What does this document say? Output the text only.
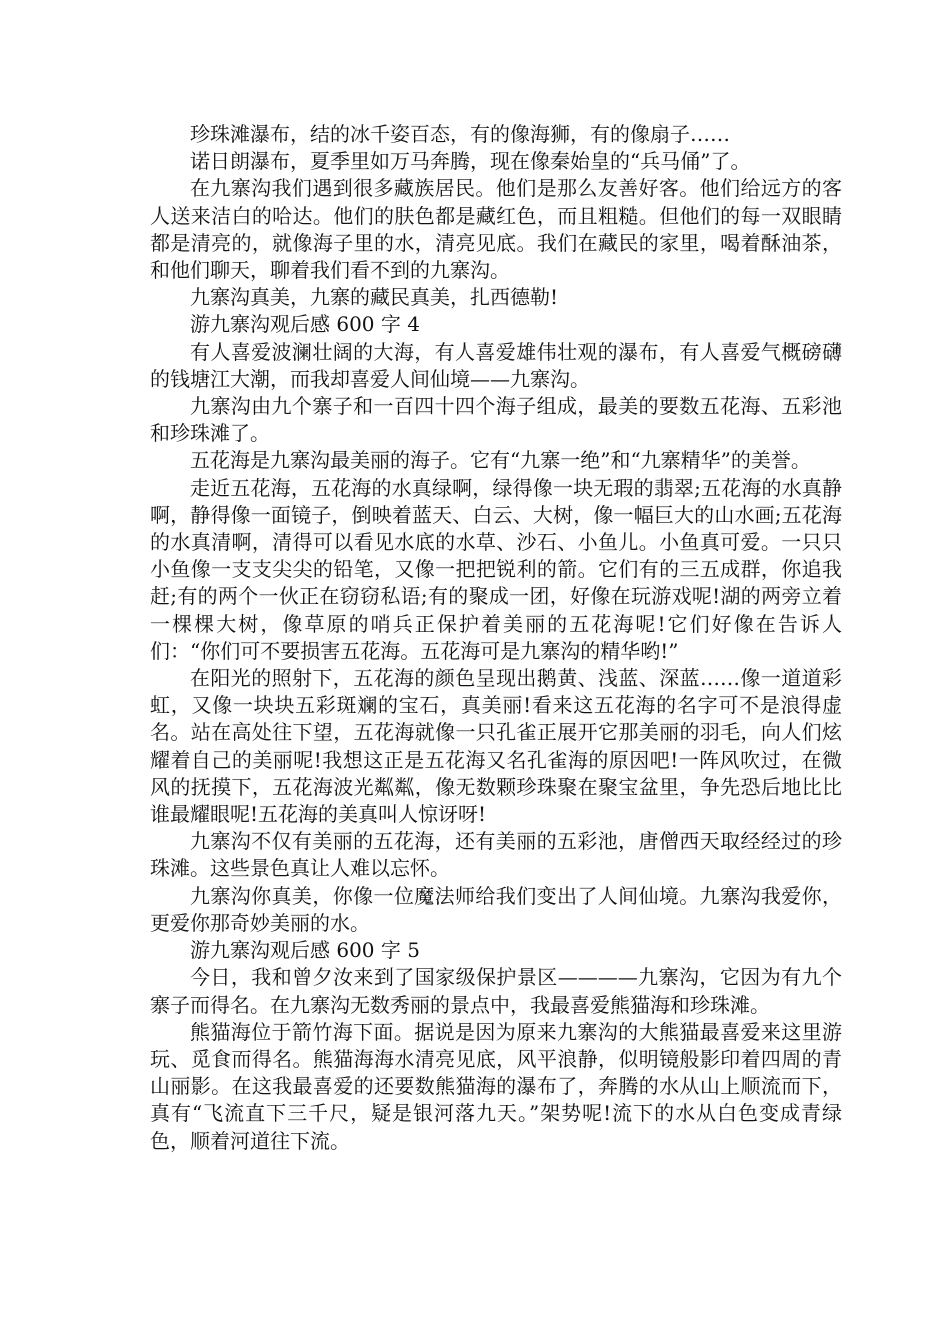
珍珠滩瀑布，结的冰千姿百态，有的像海狮，有的像扇子……

诺日朗瀑布，夏季里如万马奔腾，现在像秦始皇的“兵马俑”了。

在九寨沟我们遇到很多藏族居民。他们是那么友善好客。他们给远方的客人送来洁白的哈达。他们的肤色都是藏红色，而且粗糙。但他们的每一双眼睛都是清亮的，就像海子里的水，清亮见底。我们在藏民的家里，喝着酥油茶，和他们聊天，聊着我们看不到的九寨沟。

九寨沟真美，九寨的藏民真美，扎西德勒!

游九寨沟观后感 600 字 4

有人喜爱波澜壮阔的大海，有人喜爱雄伟壮观的瀑布，有人喜爱气概磅礴的钱塘江大潮，而我却喜爱人间仙境——九寨沟。

九寨沟由九个寨子和一百四十四个海子组成，最美的要数五花海、五彩池和珍珠滩了。

五花海是九寨沟最美丽的海子。它有“九寨一绝”和“九寨精华”的美誉。

走近五花海，五花海的水真绿啊，绿得像一块无瑕的翡翠;五花海的水真静啊，静得像一面镜子，倒映着蓝天、白云、大树，像一幅巨大的山水画;五花海的水真清啊，清得可以看见水底的水草、沙石、小鱼儿。小鱼真可爱。一只只小鱼像一支支尖尖的铅笔，又像一把把锐利的箭。它们有的三五成群，你追我赶;有的两个一伙正在窃窃私语;有的聚成一团，好像在玩游戏呢!湖的两旁立着一棵棵大树，像草原的哨兵正保护着美丽的五花海呢!它们好像在告诉人们：“你们可不要损害五花海。五花海可是九寨沟的精华哟!”

在阳光的照射下，五花海的颜色呈现出鹅黄、浅蓝、深蓝……像一道道彩虹，又像一块块五彩斑斓的宝石，真美丽!看来这五花海的名字可不是浪得虚名。站在高处往下望，五花海就像一只孔雀正展开它那美丽的羽毛，向人们炫耀着自己的美丽呢!我想这正是五花海又名孔雀海的原因吧!一阵风吹过，在微风的抚摸下，五花海波光粼粼，像无数颗珍珠聚在聚宝盆里，争先恐后地比比谁最耀眼呢!五花海的美真叫人惊讶呀!

九寨沟不仅有美丽的五花海，还有美丽的五彩池，唐僧西天取经经过的珍珠滩。这些景色真让人难以忘怀。

九寨沟你真美，你像一位魔法师给我们变出了人间仙境。九寨沟我爱你，更爱你那奇妙美丽的水。

游九寨沟观后感 600 字 5

今日，我和曾夕汝来到了国家级保护景区————九寨沟，它因为有九个寨子而得名。在九寨沟无数秀丽的景点中，我最喜爱熊猫海和珍珠滩。

熊猫海位于箭竹海下面。据说是因为原来九寨沟的大熊猫最喜爱来这里游玩、觅食而得名。熊猫海海水清亮见底，风平浪静，似明镜般影印着四周的青山丽影。在这我最喜爱的还要数熊猫海的瀑布了，奔腾的水从山上顺流而下，真有“飞流直下三千尺，疑是银河落九天。”架势呢!流下的水从白色变成青绿色，顺着河道往下流。
